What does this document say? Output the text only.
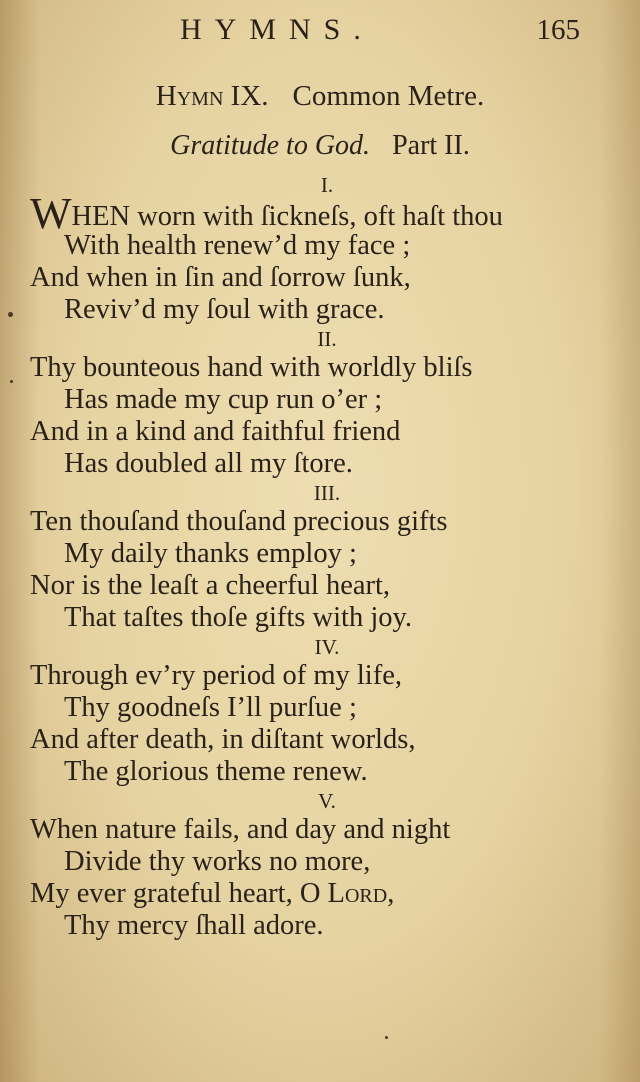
HYMNS.	165
Hymn IX. Common Metre.
Gratitude to God. Part II.
I.
WHEN worn with ſickneſs, oft haſt thou
With health renew’d my face ;
And when in ſin and ſorrow ſunk,
Reviv’d my ſoul with grace.
II.
Thy bounteous hand with worldly bliſs
Has made my cup run o’er ;
And in a kind and faithful friend
Has doubled all my ſtore.
III.
Ten thouſand thouſand precious gifts
My daily thanks employ ;
Nor is the leaſt a cheerful heart,
That taſtes thoſe gifts with joy.
IV.
Through ev’ry period of my life,
Thy goodneſs I’ll purſue ;
And after death, in diſtant worlds,
The glorious theme renew.
V.
When nature fails, and day and night
Divide thy works no more,
My ever grateful heart, O Lord,
Thy mercy ſhall adore.
